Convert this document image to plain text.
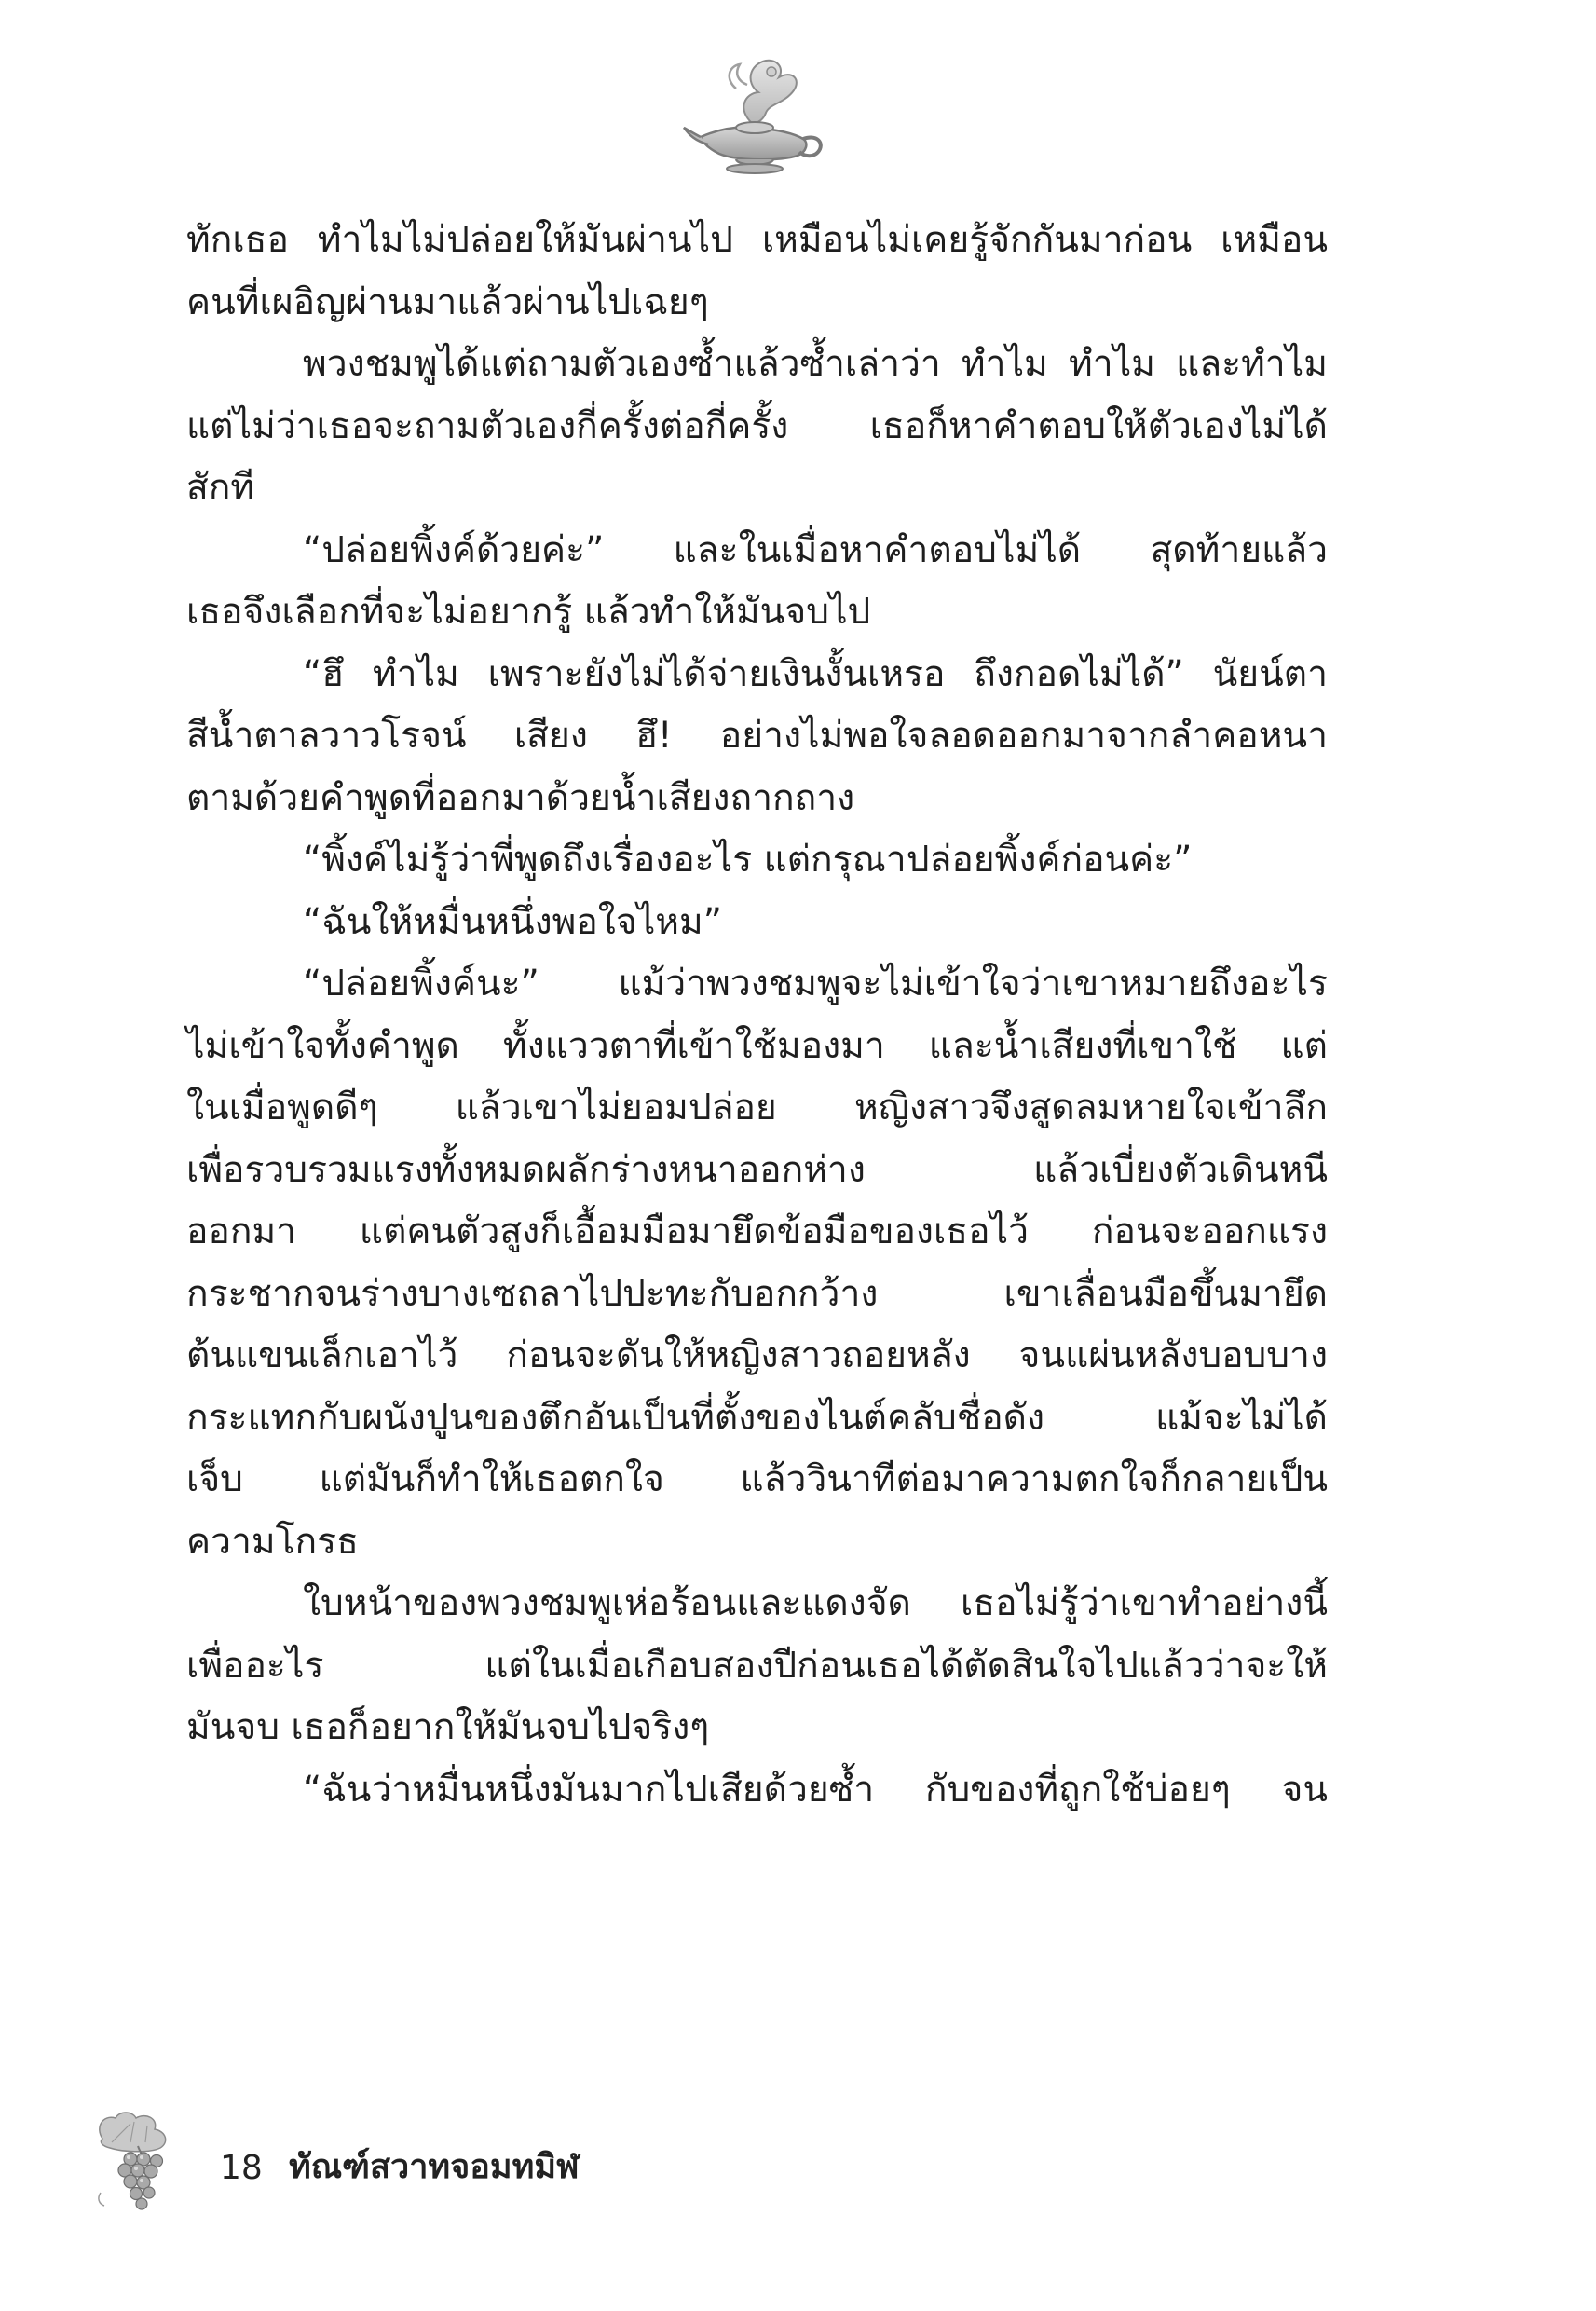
ทักเธอ ทำไมไม่ปล่อยให้มันผ่านไป เหมือนไม่เคยรู้จักกันมาก่อน เหมือน
คนที่เผอิญผ่านมาแล้วผ่านไปเฉยๆ
พวงชมพูได้แต่ถามตัวเองซ้ำแล้วซ้ำเล่าว่า ทำไม ทำไม และทำไม
แต่ไม่ว่าเธอจะถามตัวเองกี่ครั้งต่อกี่ครั้ง เธอก็หาคำตอบให้ตัวเองไม่ได้
สักที
“ปล่อยพิ้งค์ด้วยค่ะ” และในเมื่อหาคำตอบไม่ได้ สุดท้ายแล้ว
เธอจึงเลือกที่จะไม่อยากรู้ แล้วทำให้มันจบไป
“ฮึ ทำไม เพราะยังไม่ได้จ่ายเงินงั้นเหรอ ถึงกอดไม่ได้” นัยน์ตา
สีน้ำตาลวาวโรจน์ เสียง ฮึ! อย่างไม่พอใจลอดออกมาจากลำคอหนา
ตามด้วยคำพูดที่ออกมาด้วยน้ำเสียงถากถาง
“พิ้งค์ไม่รู้ว่าพี่พูดถึงเรื่องอะไร แต่กรุณาปล่อยพิ้งค์ก่อนค่ะ”
“ฉันให้หมื่นหนึ่งพอใจไหม”
“ปล่อยพิ้งค์นะ” แม้ว่าพวงชมพูจะไม่เข้าใจว่าเขาหมายถึงอะไร
ไม่เข้าใจทั้งคำพูด ทั้งแววตาที่เข้าใช้มองมา และน้ำเสียงที่เขาใช้ แต่
ในเมื่อพูดดีๆ แล้วเขาไม่ยอมปล่อย หญิงสาวจึงสูดลมหายใจเข้าลึก
เพื่อรวบรวมแรงทั้งหมดผลักร่างหนาออกห่าง แล้วเบี่ยงตัวเดินหนี
ออกมา แต่คนตัวสูงก็เอื้อมมือมายึดข้อมือของเธอไว้ ก่อนจะออกแรง
กระชากจนร่างบางเซถลาไปปะทะกับอกกว้าง เขาเลื่อนมือขึ้นมายึด
ต้นแขนเล็กเอาไว้ ก่อนจะดันให้หญิงสาวถอยหลัง จนแผ่นหลังบอบบาง
กระแทกกับผนังปูนของตึกอันเป็นที่ตั้งของไนต์คลับชื่อดัง แม้จะไม่ได้
เจ็บ แต่มันก็ทำให้เธอตกใจ แล้ววินาทีต่อมาความตกใจก็กลายเป็น
ความโกรธ
ใบหน้าของพวงชมพูเห่อร้อนและแดงจัด เธอไม่รู้ว่าเขาทำอย่างนี้
เพื่ออะไร แต่ในเมื่อเกือบสองปีก่อนเธอได้ตัดสินใจไปแล้วว่าจะให้
มันจบ เธอก็อยากให้มันจบไปจริงๆ
“ฉันว่าหมื่นหนึ่งมันมากไปเสียด้วยซ้ำ กับของที่ถูกใช้บ่อยๆ จน
18 ทัณฑ์สวาทจอมทมิฬ
